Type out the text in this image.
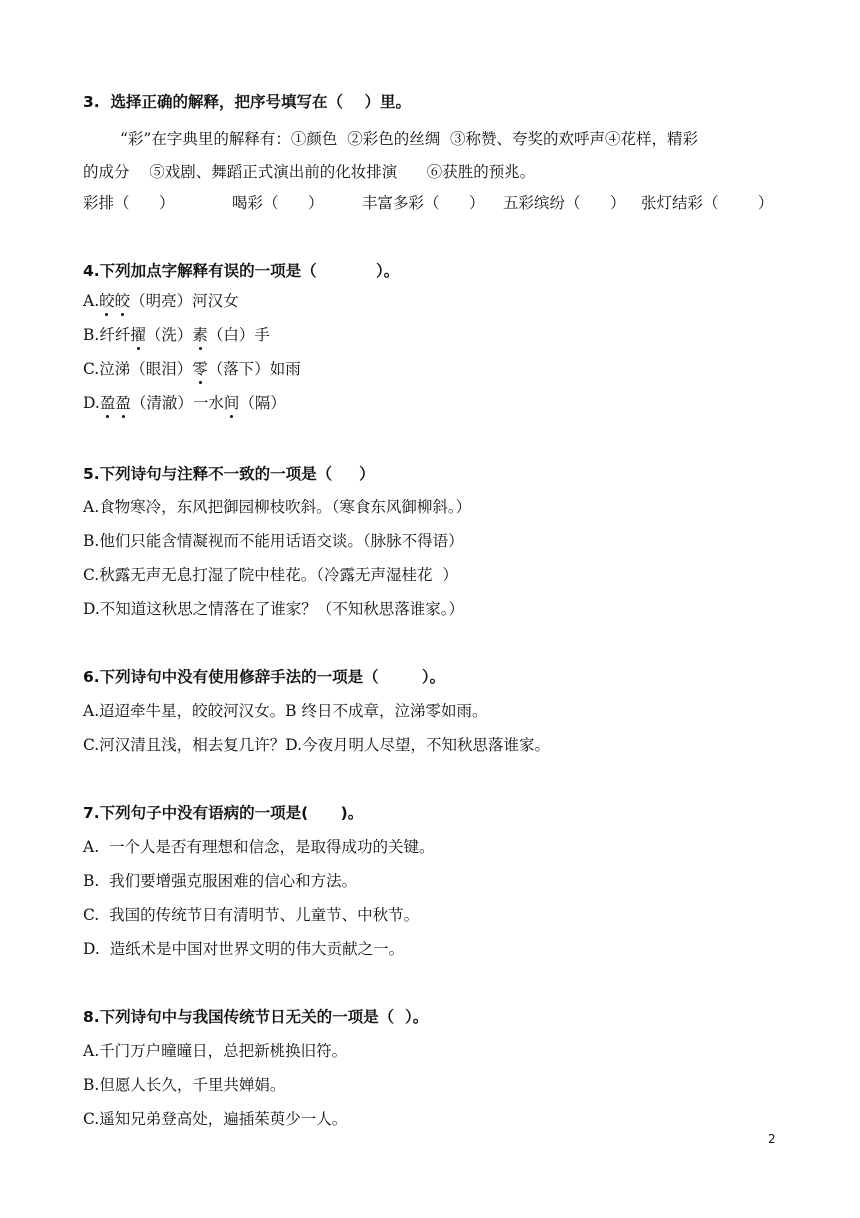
3.  选择正确的解释，把序号填写在（    ）里。
“彩”在字典里的解释有：①颜色  ②彩色的丝绸  ③称赞、夸奖的欢呼声④花样，精彩
的成分    ⑤戏剧、舞蹈正式演出前的化妆排演      ⑥获胜的预兆。
彩排（      ）	喝彩（      ） 丰富多彩（      ） 五彩缤纷（      ） 张灯结彩（        ）
4.下列加点字解释有误的一项是（           ）。
A.皎皎（明亮）河汉女
B.纤纤擢（洗）素（白）手
C.泣涕（眼泪）零（落下）如雨
D.盈盈（清澈）一水间（隔）
5.下列诗句与注释不一致的一项是（     ）
A.食物寒冷，东风把御园柳枝吹斜。（寒食东风御柳斜。）
B.他们只能含情凝视而不能用话语交谈。（脉脉不得语）
C.秋露无声无息打湿了院中桂花。（冷露无声湿桂花  ）
D.不知道这秋思之情落在了谁家？（不知秋思落谁家。）
6.下列诗句中没有使用修辞手法的一项是（        ）。
A.迢迢牵牛星，皎皎河汉女。B 终日不成章，泣涕零如雨。
C.河汉清且浅，相去复几许？D.今夜月明人尽望，不知秋思落谁家。
7.下列句子中没有语病的一项是(      )。
A.  一个人是否有理想和信念，是取得成功的关键。
B.  我们要增强克服困难的信心和方法。
C.  我国的传统节日有清明节、儿童节、中秋节。
D.  造纸术是中国对世界文明的伟大贡献之一。
8.下列诗句中与我国传统节日无关的一项是（  ）。
A.千门万户曈曈日，总把新桃换旧符。
B.但愿人长久，千里共婵娟。
C.遥知兄弟登高处，遍插茱萸少一人。
2
